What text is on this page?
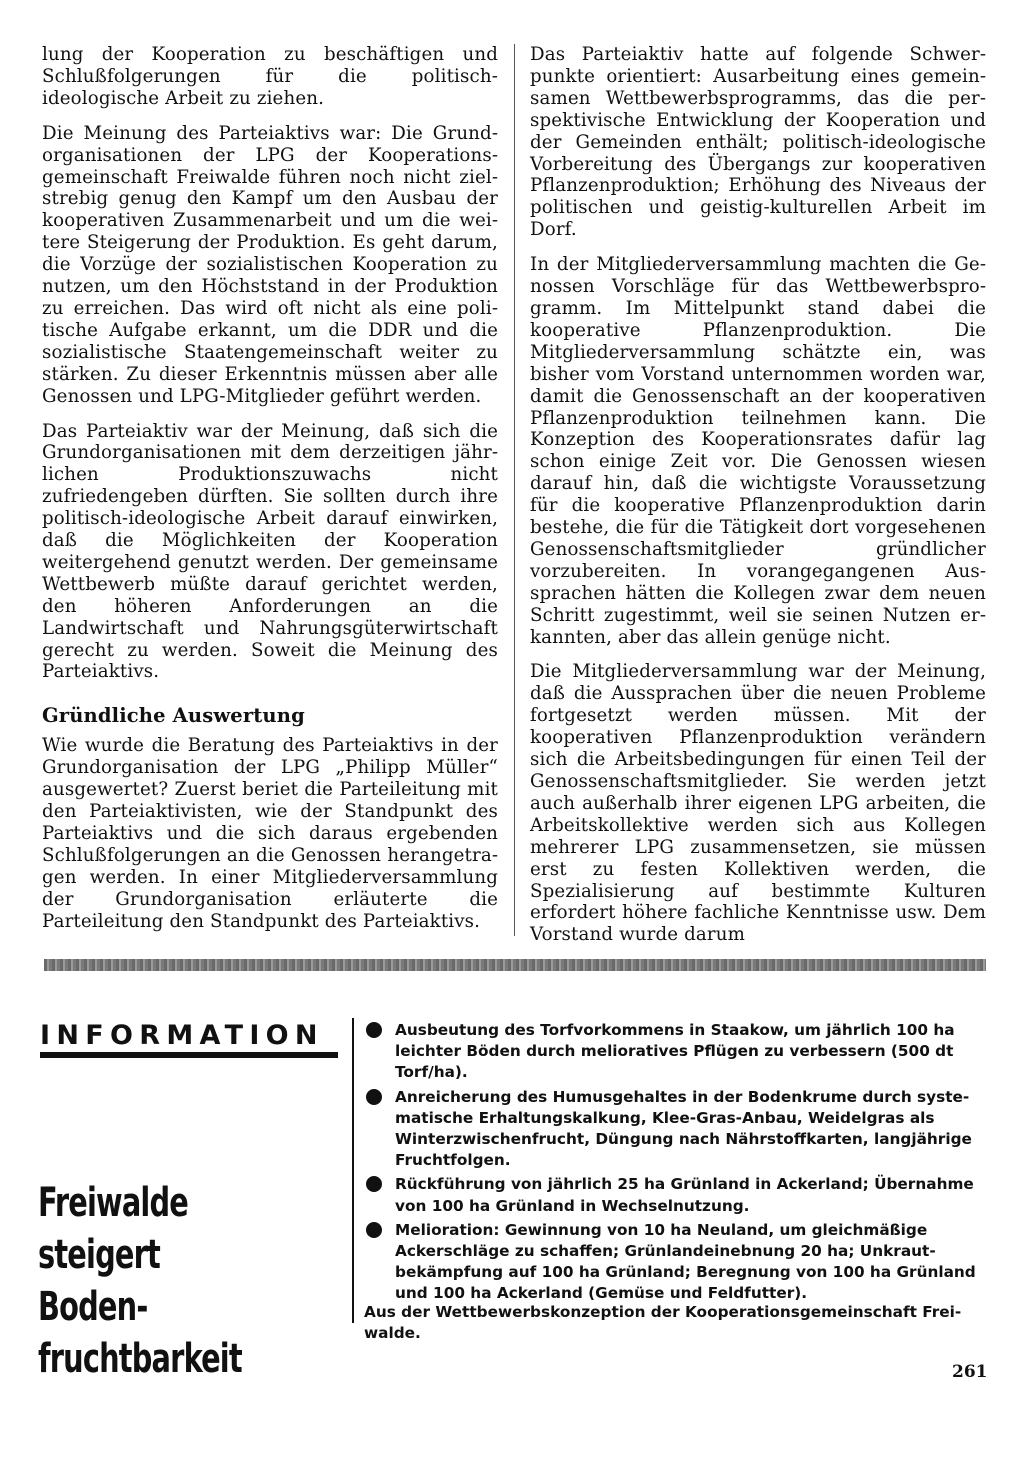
lung der Kooperation zu beschäftigen und Schlußfolgerungen für die politisch-ideologische Arbeit zu ziehen.

Die Meinung des Parteiaktivs war: Die Grundorganisationen der LPG der Kooperationsgemeinschaft Freiwalde führen noch nicht zielstrebig genug den Kampf um den Ausbau der kooperativen Zusammenarbeit und um die weitere Steigerung der Produktion. Es geht darum, die Vorzüge der sozialistischen Kooperation zu nutzen, um den Höchststand in der Produktion zu erreichen. Das wird oft nicht als eine politische Aufgabe erkannt, um die DDR und die sozialistische Staatengemeinschaft weiter zu stärken. Zu dieser Erkenntnis müssen aber alle Genossen und LPG-Mitglieder geführt werden.

Das Parteiaktiv war der Meinung, daß sich die Grundorganisationen mit dem derzeitigen jährlichen Produktionszuwachs nicht zufriedengeben dürften. Sie sollten durch ihre politisch-ideologische Arbeit darauf einwirken, daß die Möglichkeiten der Kooperation weitergehend genutzt werden. Der gemeinsame Wettbewerb müßte darauf gerichtet werden, den höheren Anforderungen an die Landwirtschaft und Nahrungsgüterwirtschaft gerecht zu werden. Soweit die Meinung des Parteiaktivs.

Gründliche Auswertung

Wie wurde die Beratung des Parteiaktivs in der Grundorganisation der LPG „Philipp Müller“ ausgewertet? Zuerst beriet die Parteileitung mit den Parteiaktivisten, wie der Standpunkt des Parteiaktivs und die sich daraus ergebenden Schlußfolgerungen an die Genossen herangetragen werden. In einer Mitgliederversammlung der Grundorganisation erläuterte die Parteileitung den Standpunkt des Parteiaktivs.

Das Parteiaktiv hatte auf folgende Schwerpunkte orientiert: Ausarbeitung eines gemeinsamen Wettbewerbsprogramms, das die perspektivische Entwicklung der Kooperation und der Gemeinden enthält; politisch-ideologische Vorbereitung des Übergangs zur kooperativen Pflanzenproduktion; Erhöhung des Niveaus der politischen und geistig-kulturellen Arbeit im Dorf.

In der Mitgliederversammlung machten die Genossen Vorschläge für das Wettbewerbsprogramm. Im Mittelpunkt stand dabei die kooperative Pflanzenproduktion. Die Mitgliederversammlung schätzte ein, was bisher vom Vorstand unternommen worden war, damit die Genossenschaft an der kooperativen Pflanzenproduktion teilnehmen kann. Die Konzeption des Kooperationsrates dafür lag schon einige Zeit vor. Die Genossen wiesen darauf hin, daß die wichtigste Voraussetzung für die kooperative Pflanzenproduktion darin bestehe, die für die Tätigkeit dort vorgesehenen Genossenschaftsmitglieder gründlicher vorzubereiten. In vorangegangenen Aussprachen hätten die Kollegen zwar dem neuen Schritt zugestimmt, weil sie seinen Nutzen erkannten, aber das allein genüge nicht.

Die Mitgliederversammlung war der Meinung, daß die Aussprachen über die neuen Probleme fortgesetzt werden müssen. Mit der kooperativen Pflanzenproduktion verändern sich die Arbeitsbedingungen für einen Teil der Genossenschaftsmitglieder. Sie werden jetzt auch außerhalb ihrer eigenen LPG arbeiten, die Arbeitskollektive werden sich aus Kollegen mehrerer LPG zusammensetzen, sie müssen erst zu festen Kollektiven werden, die Spezialisierung auf bestimmte Kulturen erfordert höhere fachliche Kenntnisse usw. Dem Vorstand wurde darum

INFORMATION
Freiwalde steigert Bodenfruchtbarkeit
Ausbeutung des Torfvorkommens in Staakow, um jährlich 100 ha leichter Böden durch melioratives Pflügen zu verbessern (500 dt Torf/ha).
Anreicherung des Humusgehaltes in der Bodenkrume durch systematische Erhaltungskalkung, Klee-Gras-Anbau, Weidelgras als Winterzwischenfrucht, Düngung nach Nährstoffkarten, langjährige Fruchtfolgen.
Rückführung von jährlich 25 ha Grünland in Ackerland; Übernahme von 100 ha Grünland in Wechselnutzung.
Melioration: Gewinnung von 10 ha Neuland, um gleichmäßige Ackerschläge zu schaffen; Grünlandeinebnung 20 ha; Unkrautbekämpfung auf 100 ha Grünland; Beregnung von 100 ha Grünland und 100 ha Ackerland (Gemüse und Feldfutter).
Aus der Wettbewerbskonzeption der Kooperationsgemeinschaft Freiwalde.
261
